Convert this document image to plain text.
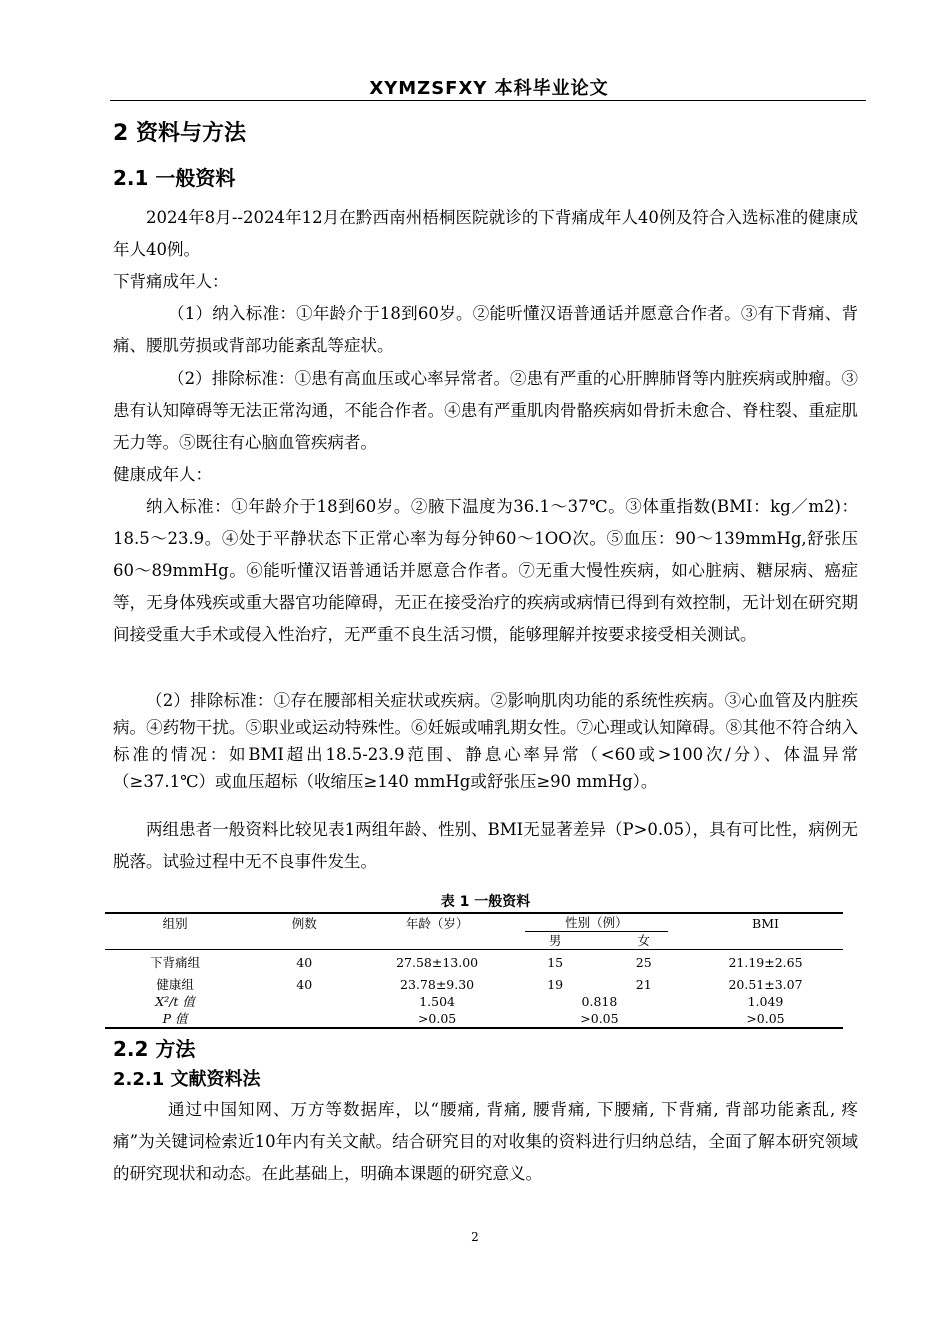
XYMZSFXY 本科毕业论文
2 资料与方法
2.1 一般资料
2024年8月--2024年12月在黔西南州梧桐医院就诊的下背痛成年人40例及符合入选标准的健康成年人40例。
下背痛成年人：
（1）纳入标准：①年龄介于18到60岁。②能听懂汉语普通话并愿意合作者。③有下背痛、背痛、腰肌劳损或背部功能紊乱等症状。
（2）排除标准：①患有高血压或心率异常者。②患有严重的心肝脾肺肾等内脏疾病或肿瘤。③患有认知障碍等无法正常沟通，不能合作者。④患有严重肌肉骨骼疾病如骨折未愈合、脊柱裂、重症肌无力等。⑤既往有心脑血管疾病者。
健康成年人：
纳入标准：①年龄介于18到60岁。②腋下温度为36.1～37℃。③体重指数(BMI：kg／m2)：18.5～23.9。④处于平静状态下正常心率为每分钟60～1OO次。⑤血压：90～139mmHg,舒张压60～89mmHg。⑥能听懂汉语普通话并愿意合作者。⑦无重大慢性疾病，如心脏病、糖尿病、癌症等，无身体残疾或重大器官功能障碍，无正在接受治疗的疾病或病情已得到有效控制，无计划在研究期间接受重大手术或侵入性治疗，无严重不良生活习惯，能够理解并按要求接受相关测试。
（2）排除标准：①存在腰部相关症状或疾病。②影响肌肉功能的系统性疾病。③心血管及内脏疾病。④药物干扰。⑤职业或运动特殊性。⑥妊娠或哺乳期女性。⑦心理或认知障碍。⑧其他不符合纳入标准的情况：如BMI超出18.5-23.9范围、静息心率异常（<60或>100次/分）、体温异常（≥37.1℃）或血压超标（收缩压≥140 mmHg或舒张压≥90 mmHg）。
两组患者一般资料比较见表1两组年龄、性别、BMI无显著差异（P>0.05），具有可比性，病例无脱落。试验过程中无不良事件发生。
表 1 一般资料
组别	例数	年龄（岁）	性别（例）		BMI
			男	女	
下背痛组	40	27.58±13.00	15	25	21.19±2.65
健康组	40	23.78±9.30	19	21	20.51±3.07
X²/t 值		1.504	0.818		1.049
P 值		>0.05	>0.05		>0.05
2.2 方法
2.2.1 文献资料法
通过中国知网、万方等数据库，以“腰痛, 背痛, 腰背痛, 下腰痛, 下背痛, 背部功能紊乱, 疼痛”为关键词检索近10年内有关文献。结合研究目的对收集的资料进行归纳总结，全面了解本研究领域的研究现状和动态。在此基础上，明确本课题的研究意义。
2
